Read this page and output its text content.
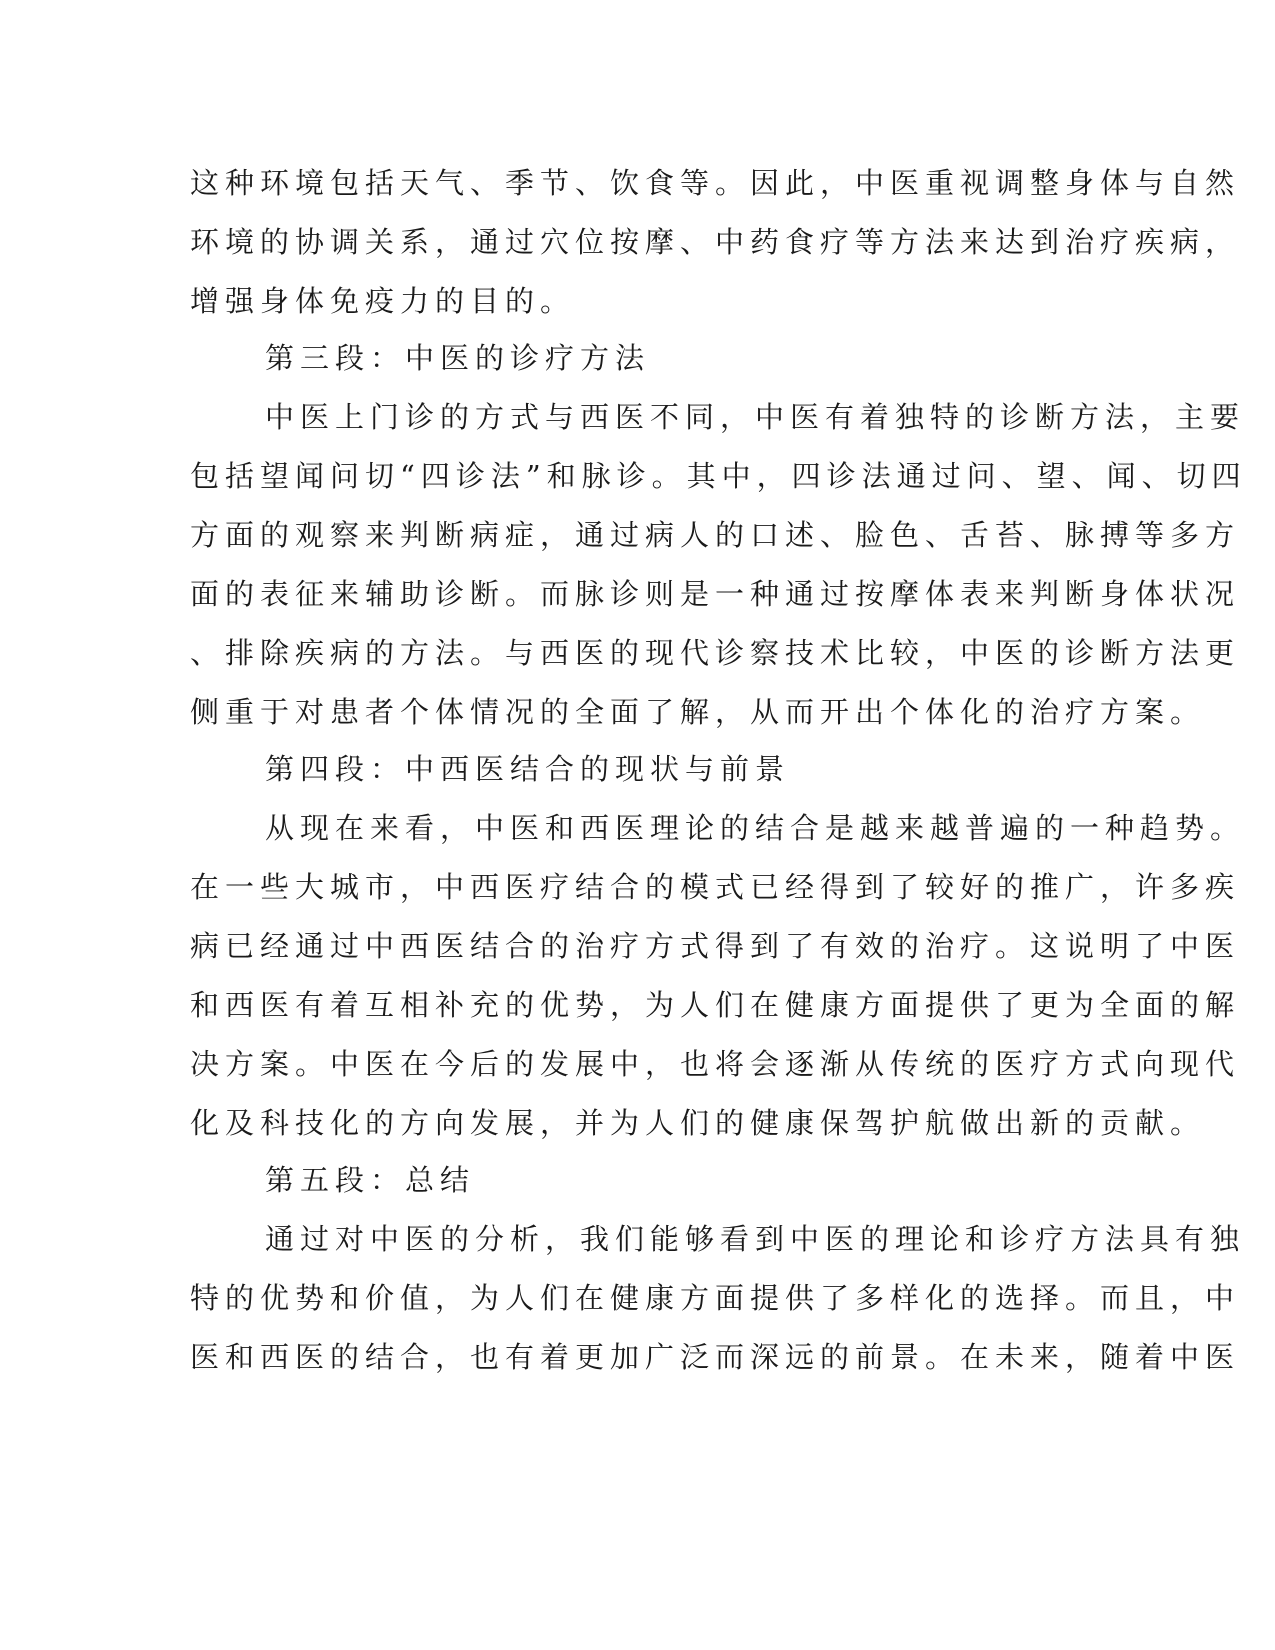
这种环境包括天气、季节、饮食等。因此，中医重视调整身体与自然
环境的协调关系，通过穴位按摩、中药食疗等方法来达到治疗疾病，
增强身体免疫力的目的。
第三段：中医的诊疗方法
中医上门诊的方式与西医不同，中医有着独特的诊断方法，主要
包括望闻问切“四诊法”和脉诊。其中，四诊法通过问、望、闻、切四
方面的观察来判断病症，通过病人的口述、脸色、舌苔、脉搏等多方
面的表征来辅助诊断。而脉诊则是一种通过按摩体表来判断身体状况
、排除疾病的方法。与西医的现代诊察技术比较，中医的诊断方法更
侧重于对患者个体情况的全面了解，从而开出个体化的治疗方案。
第四段：中西医结合的现状与前景
从现在来看，中医和西医理论的结合是越来越普遍的一种趋势。
在一些大城市，中西医疗结合的模式已经得到了较好的推广，许多疾
病已经通过中西医结合的治疗方式得到了有效的治疗。这说明了中医
和西医有着互相补充的优势，为人们在健康方面提供了更为全面的解
决方案。中医在今后的发展中，也将会逐渐从传统的医疗方式向现代
化及科技化的方向发展，并为人们的健康保驾护航做出新的贡献。
第五段：总结
通过对中医的分析，我们能够看到中医的理论和诊疗方法具有独
特的优势和价值，为人们在健康方面提供了多样化的选择。而且，中
医和西医的结合，也有着更加广泛而深远的前景。在未来，随着中医
